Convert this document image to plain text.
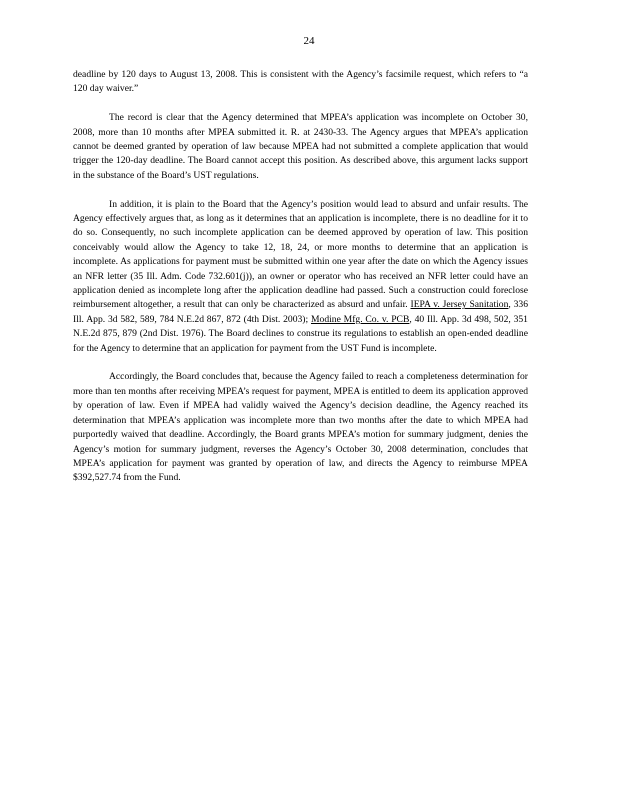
24

deadline by 120 days to August 13, 2008. This is consistent with the Agency’s facsimile request, which refers to “a 120 day waiver.”

The record is clear that the Agency determined that MPEA’s application was incomplete on October 30, 2008, more than 10 months after MPEA submitted it. R. at 2430-33. The Agency argues that MPEA’s application cannot be deemed granted by operation of law because MPEA had not submitted a complete application that would trigger the 120-day deadline. The Board cannot accept this position. As described above, this argument lacks support in the substance of the Board’s UST regulations.

In addition, it is plain to the Board that the Agency’s position would lead to absurd and unfair results. The Agency effectively argues that, as long as it determines that an application is incomplete, there is no deadline for it to do so. Consequently, no such incomplete application can be deemed approved by operation of law. This position conceivably would allow the Agency to take 12, 18, 24, or more months to determine that an application is incomplete. As applications for payment must be submitted within one year after the date on which the Agency issues an NFR letter (35 Ill. Adm. Code 732.601(j)), an owner or operator who has received an NFR letter could have an application denied as incomplete long after the application deadline had passed. Such a construction could foreclose reimbursement altogether, a result that can only be characterized as absurd and unfair. IEPA v. Jersey Sanitation, 336 Ill. App. 3d 582, 589, 784 N.E.2d 867, 872 (4th Dist. 2003); Modine Mfg. Co. v. PCB, 40 Ill. App. 3d 498, 502, 351 N.E.2d 875, 879 (2nd Dist. 1976). The Board declines to construe its regulations to establish an open-ended deadline for the Agency to determine that an application for payment from the UST Fund is incomplete.

Accordingly, the Board concludes that, because the Agency failed to reach a completeness determination for more than ten months after receiving MPEA’s request for payment, MPEA is entitled to deem its application approved by operation of law. Even if MPEA had validly waived the Agency’s decision deadline, the Agency reached its determination that MPEA’s application was incomplete more than two months after the date to which MPEA had purportedly waived that deadline. Accordingly, the Board grants MPEA’s motion for summary judgment, denies the Agency’s motion for summary judgment, reverses the Agency’s October 30, 2008 determination, concludes that MPEA’s application for payment was granted by operation of law, and directs the Agency to reimburse MPEA $392,527.74 from the Fund.
